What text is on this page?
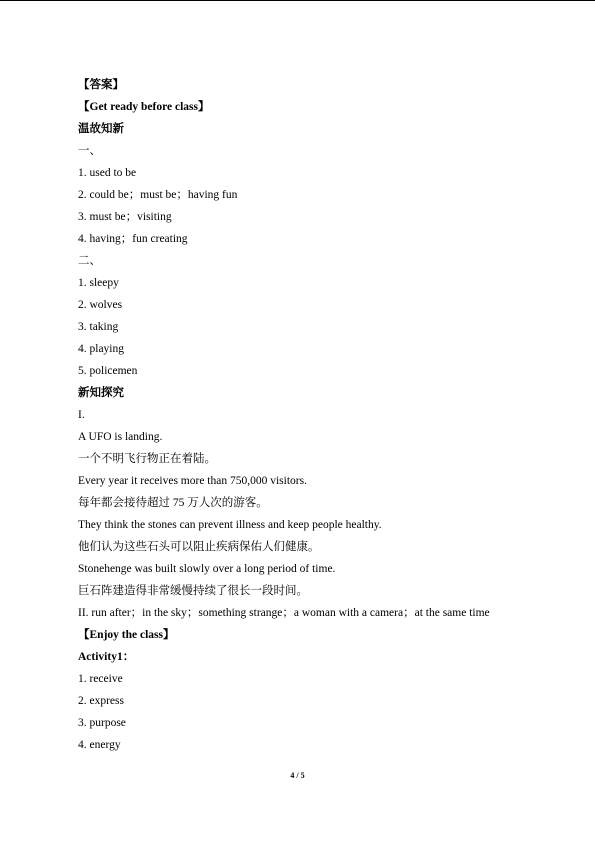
【答案】
【Get ready before class】
温故知新
一、
1. used to be
2. could be；must be；having fun
3. must be；visiting
4. having；fun creating
二、
1. sleepy
2. wolves
3. taking
4. playing
5. policemen
新知探究
I.
A UFO is landing.
一个不明飞行物正在着陆。
Every year it receives more than 750,000 visitors.
每年都会接待超过 75 万人次的游客。
They think the stones can prevent illness and keep people healthy.
他们认为这些石头可以阻止疾病保佑人们健康。
Stonehenge was built slowly over a long period of time.
巨石阵建造得非常缓慢持续了很长一段时间。
II. run after；in the sky；something strange；a woman with a camera；at the same time
【Enjoy the class】
Activity1：
1. receive
2. express
3. purpose
4. energy
4 / 5
